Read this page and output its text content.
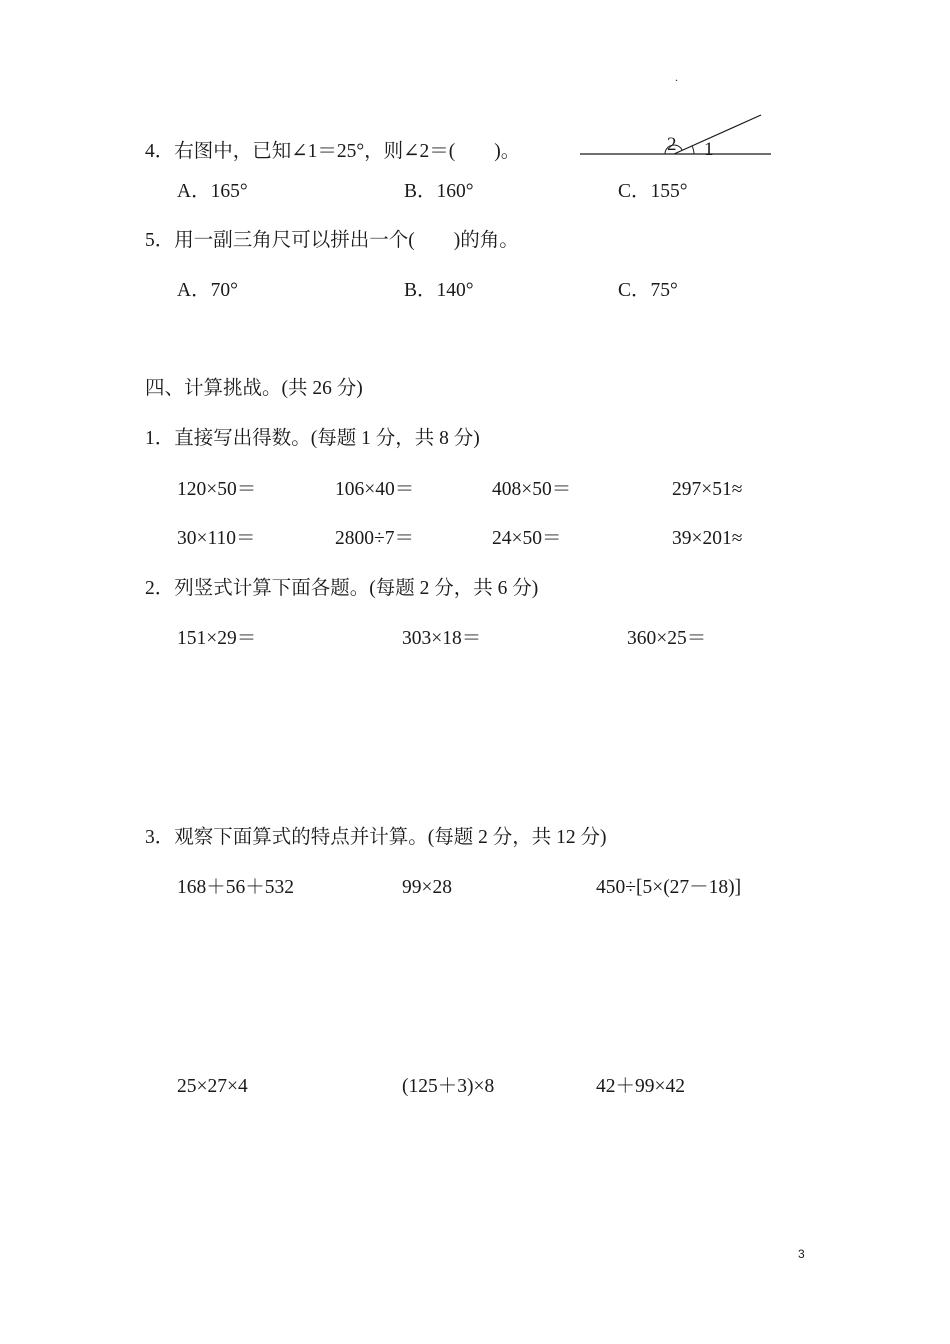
.
4．右图中，已知∠1＝25°，则∠2＝(　　)。	2 1
A．165°	B．160°	C．155°
5．用一副三角尺可以拼出一个(　　)的角。
A．70°	B．140°	C．75°
四、计算挑战。(共 26 分)
1．直接写出得数。(每题 1 分，共 8 分)
120×50＝	106×40＝	408×50＝	297×51≈
30×110＝	2800÷7＝	24×50＝	39×201≈
2．列竖式计算下面各题。(每题 2 分，共 6 分)
151×29＝	303×18＝	360×25＝
3．观察下面算式的特点并计算。(每题 2 分，共 12 分)
168＋56＋532	99×28	450÷[5×(27－18)]
25×27×4	(125＋3)×8	42＋99×42
3
